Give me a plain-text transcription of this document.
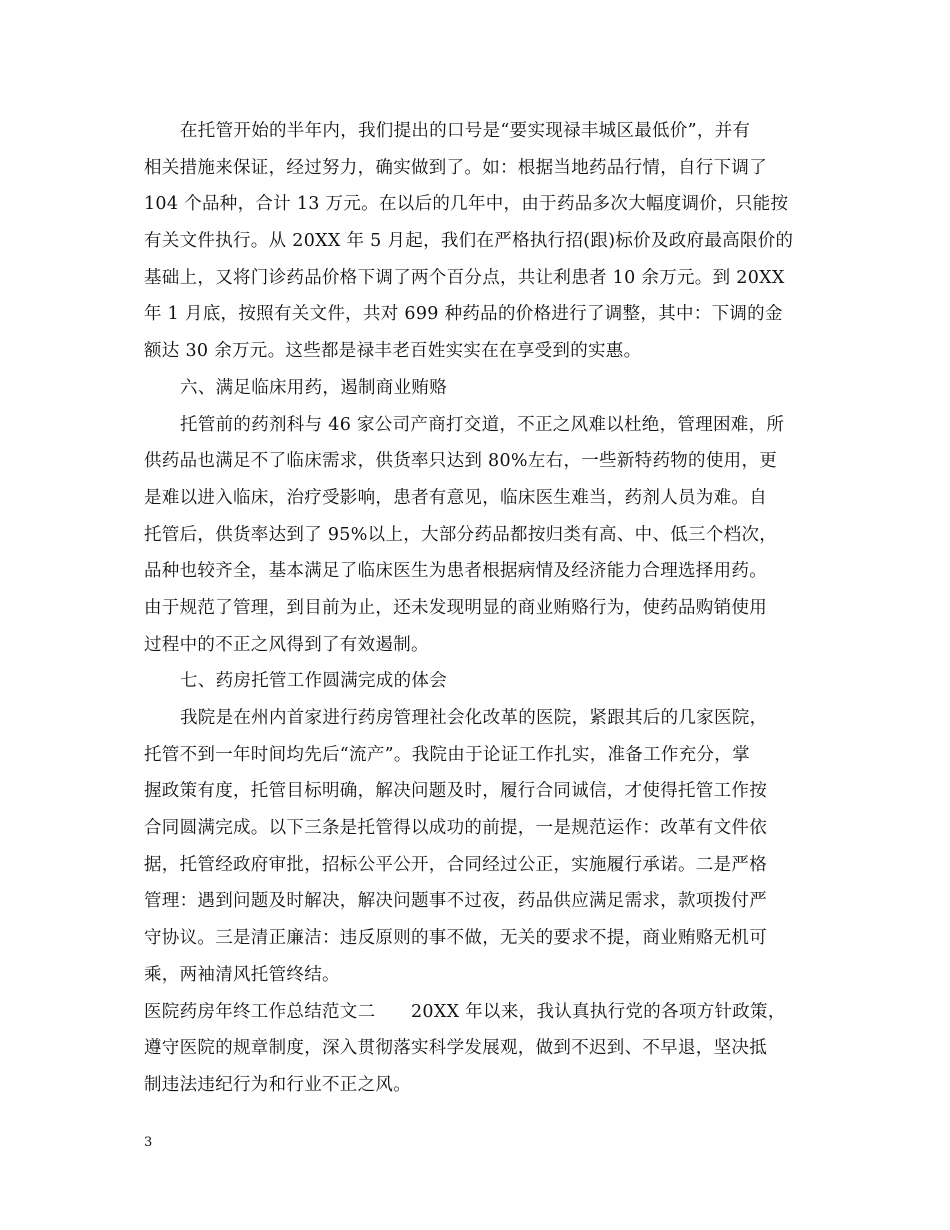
在托管开始的半年内，我们提出的口号是“要实现禄丰城区最低价”，并有
相关措施来保证，经过努力，确实做到了。如：根据当地药品行情，自行下调了
104 个品种，合计 13 万元。在以后的几年中，由于药品多次大幅度调价，只能按
有关文件执行。从 20XX 年 5 月起，我们在严格执行招(跟)标价及政府最高限价的
基础上，又将门诊药品价格下调了两个百分点，共让利患者 10 余万元。到 20XX
年 1 月底，按照有关文件，共对 699 种药品的价格进行了调整，其中：下调的金
额达 30 余万元。这些都是禄丰老百姓实实在在享受到的实惠。
六、满足临床用药，遏制商业贿赂
托管前的药剂科与 46 家公司产商打交道，不正之风难以杜绝，管理困难，所
供药品也满足不了临床需求，供货率只达到 80%左右，一些新特药物的使用，更
是难以进入临床，治疗受影响，患者有意见，临床医生难当，药剂人员为难。自
托管后，供货率达到了 95%以上，大部分药品都按归类有高、中、低三个档次，
品种也较齐全，基本满足了临床医生为患者根据病情及经济能力合理选择用药。
由于规范了管理，到目前为止，还未发现明显的商业贿赂行为，使药品购销使用
过程中的不正之风得到了有效遏制。
七、药房托管工作圆满完成的体会
我院是在州内首家进行药房管理社会化改革的医院，紧跟其后的几家医院，
托管不到一年时间均先后“流产”。我院由于论证工作扎实，准备工作充分，掌
握政策有度，托管目标明确，解决问题及时，履行合同诚信，才使得托管工作按
合同圆满完成。以下三条是托管得以成功的前提，一是规范运作：改革有文件依
据，托管经政府审批，招标公平公开，合同经过公正，实施履行承诺。二是严格
管理：遇到问题及时解决，解决问题事不过夜，药品供应满足需求，款项拨付严
守协议。三是清正廉洁：违反原则的事不做，无关的要求不提，商业贿赂无机可
乘，两袖清风托管终结。
医院药房年终工作总结范文二　　20XX 年以来，我认真执行党的各项方针政策，
遵守医院的规章制度，深入贯彻落实科学发展观，做到不迟到、不早退，坚决抵
制违法违纪行为和行业不正之风。
3
